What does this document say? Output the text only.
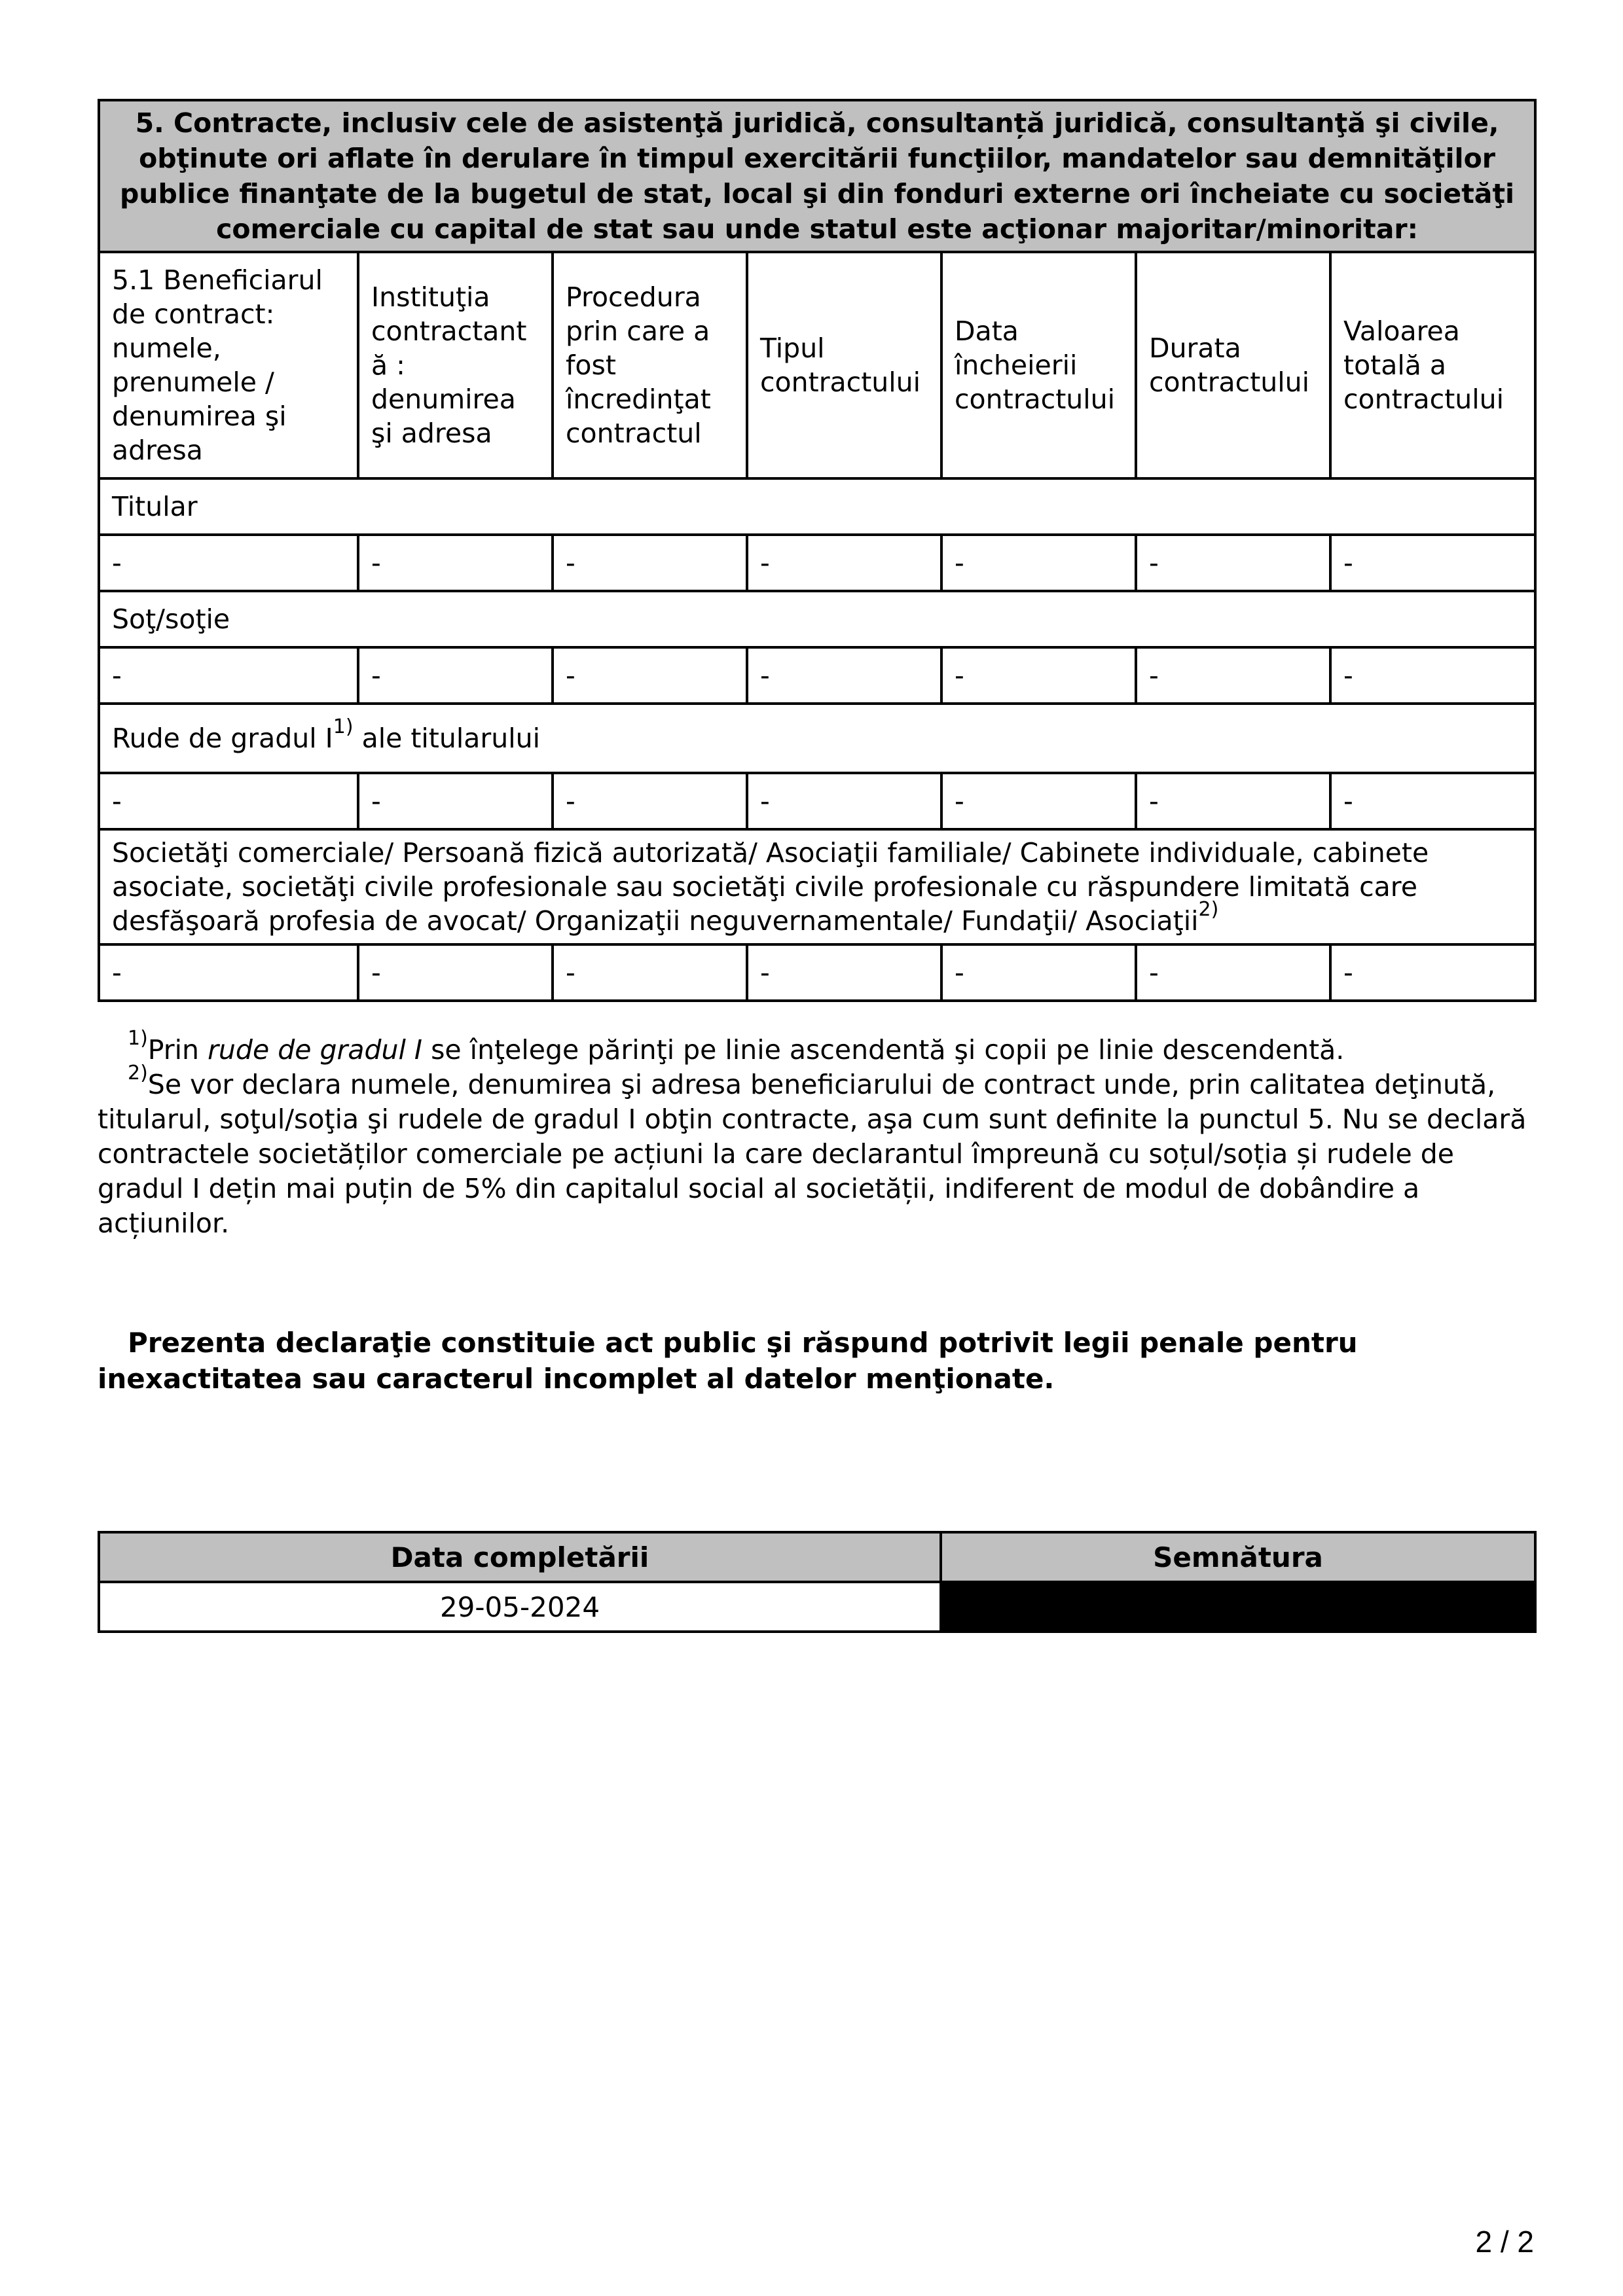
5. Contracte, inclusiv cele de asistenţă juridică, consultanță juridică, consultanţă şi civile, obţinute ori aflate în derulare în timpul exercitării funcţiilor, mandatelor sau demnităţilor publice finanţate de la bugetul de stat, local şi din fonduri externe ori încheiate cu societăţi comerciale cu capital de stat sau unde statul este acţionar majoritar/minoritar:						
5.1 Beneficiarul de contract: numele, prenumele / denumirea şi adresa	Instituţia contractantă : denumirea şi adresa	Procedura prin care a fost încredinţat contractul	Tipul contractului	Data încheierii contractului	Durata contractului	Valoarea totală a contractului
Titular						
-	-	-	-	-	-	-
Soţ/soţie						
-	-	-	-	-	-	-
Rude de gradul $I^{1)}$ ale titularului						
-	-	-	-	-	-	-
Societăţi comerciale/ Persoană fizică autorizată/ Asociaţii familiale/ Cabinete individuale, cabinete asociate, societăţi civile profesionale sau societăţi civile profesionale cu răspundere limitată care desfăşoară profesia de avocat/ Organizaţii neguvernamentale/ Fundaţii/ Asociaţii$^{2)}$
-	-	-	-	-	-	-

$^{1)}$Prin rude de gradul I se înţelege părinţi pe linie ascendentă şi copii pe linie descendentă.

$^{2)}$Se vor declara numele, denumirea şi adresa beneficiarului de contract unde, prin calitatea deţinută, titularul, soţul/soţia şi rudele de gradul I obţin contracte, aşa cum sunt definite la punctul 5. Nu se declară contractele societăților comerciale pe acțiuni la care declarantul împreună cu soțul/soția și rudele de gradul I dețin mai puțin de 5% din capitalul social al societății, indiferent de modul de dobândire a acțiunilor.

Prezenta declaraţie constituie act public şi răspund potrivit legii penale pentru inexactitatea sau caracterul incomplet al datelor menţionate.
Data completării	Semnătura
29-05-2024	
2 / 2
